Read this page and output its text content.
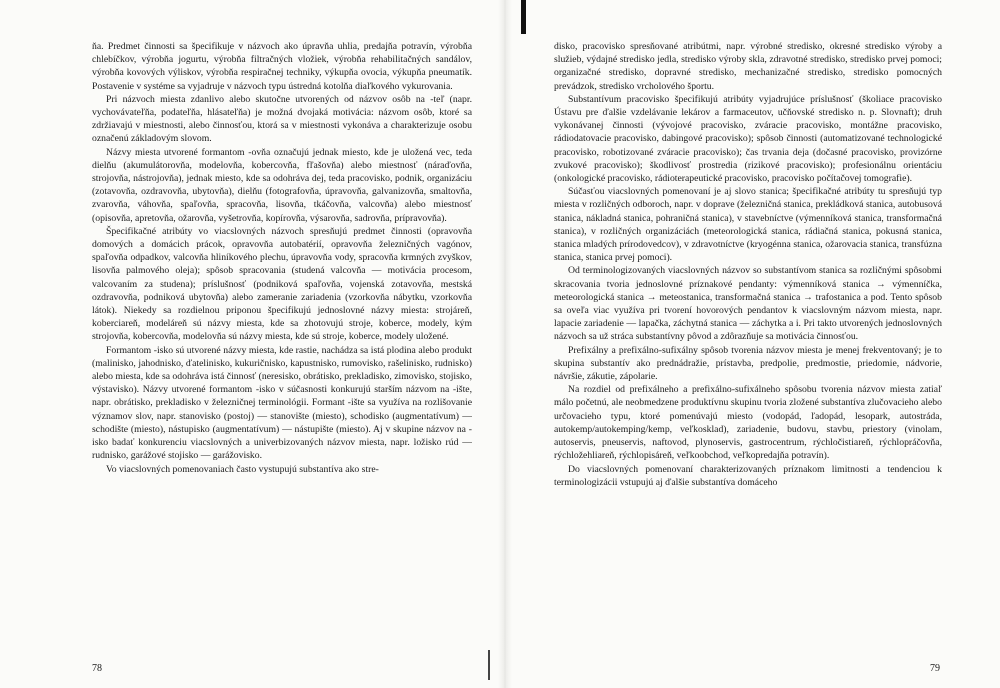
ňa. Predmet činnosti sa špecifikuje v názvoch ako úpravňa uhlia, predajňa potravín, výrobňa chlebíčkov, výrobňa jogurtu, výrobňa filtračných vložiek, výrobňa rehabilitačných sandálov, výrobňa kovových výliskov, výrobňa respiračnej techniky, výkupňa ovocia, výkupňa pneumatík. Postavenie v systéme sa vyjadruje v názvoch typu ústredná kotolňa diaľkového vykurovania.

Pri názvoch miesta zdanlivo alebo skutočne utvorených od názvov osôb na -teľ (napr. vychovávateľňa, podateľňa, hlásateľňa) je možná dvojaká motivácia: názvom osôb, ktoré sa zdržiavajú v miestnosti, alebo činnosťou, ktorá sa v miestnosti vykonáva a charakterizuje osobu označenú základovým slovom.

Názvy miesta utvorené formantom -ovňa označujú jednak miesto, kde je uložená vec, teda dielňu (akumulátorovňa, modelovňa, kobercovňa, fľašovňa) alebo miestnosť (náraďovňa, strojovňa, nástrojovňa), jednak miesto, kde sa odohráva dej, teda pracovisko, podnik, organizáciu (zotavovňa, ozdravovňa, ubytovňa), dielňu (fotografovňa, úpravovňa, galvanizovňa, smaltovňa, zvarovňa, váhovňa, spaľovňa, spracovňa, lisovňa, tkáčovňa, valcovňa) alebo miestnosť (opisovňa, apretovňa, ožarovňa, vyšetrovňa, kopírovňa, výsarovňa, sadrovňa, prípravovňa).

Špecifikačné atribúty vo viacslovných názvoch spresňujú predmet činnosti (opravovňa domových a domácich prácok, opravovňa autobatérií, opravovňa železničných vagónov, spaľovňa odpadkov, valcovňa hliníkového plechu, úpravovňa vody, spracovňa krmných zvyškov, lisovňa palmového oleja); spôsob spracovania (studená valcovňa — motivácia procesom, valcovaním za studena); príslušnosť (podniková spaľovňa, vojenská zotavovňa, mestská ozdravovňa, podniková ubytovňa) alebo zameranie zariadenia (vzorkovňa nábytku, vzorkovňa látok). Niekedy sa rozdielnou priponou špecifikujú jednoslovné názvy miesta: strojáreň, koberciareň, modeláreň sú názvy miesta, kde sa zhotovujú stroje, koberce, modely, kým strojovňa, kobercovňa, modelovňa sú názvy miesta, kde sú stroje, koberce, modely uložené.

Formantom -isko sú utvorené názvy miesta, kde rastie, nachádza sa istá plodina alebo produkt (malinisko, jahodnisko, ďatelinisko, kukuričnisko, kapustnisko, rumovisko, rašelinisko, rudnisko) alebo miesta, kde sa odohráva istá činnosť (neresisko, obrátisko, prekladisko, zimovisko, stojisko, výstavisko). Názvy utvorené formantom -isko v súčasnosti konkurujú starším názvom na -ište, napr. obrátisko, prekladisko v železničnej terminológii. Formant -ište sa využíva na rozlišovanie významov slov, napr. stanovisko (postoj) — stanovište (miesto), schodisko (augmentatívum) — schodište (miesto), nástupisko (augmentatívum) — nástupište (miesto). Aj v skupine názvov na -isko badať konkurenciu viacslovných a univerbizovaných názvov miesta, napr. ložisko rúd — rudnisko, garážové stojisko — garážovisko.

Vo viacslovných pomenovaniach často vystupujú substantíva ako stre-

78

disko, pracovisko spresňované atribútmi, napr. výrobné stredisko, okresné stredisko výroby a služieb, výdajné stredisko jedla, stredisko výroby skla, zdravotné stredisko, stredisko prvej pomoci; organizačné stredisko, dopravné stredisko, mechanizačné stredisko, stredisko pomocných prevádzok, stredisko vrcholového športu.

Substantívum pracovisko špecifikujú atribúty vyjadrujúce príslušnosť (školiace pracovisko Ústavu pre ďalšie vzdelávanie lekárov a farmaceutov, učňovské stredisko n. p. Slovnaft); druh vykonávanej činnosti (vývojové pracovisko, zváracie pracovisko, montážne pracovisko, rádiodatovacie pracovisko, dabingové pracovisko); spôsob činnosti (automatizované technologické pracovisko, robotizované zváracie pracovisko); čas trvania deja (dočasné pracovisko, provizórne zvukové pracovisko); škodlivosť prostredia (rizikové pracovisko); profesionálnu orientáciu (onkologické pracovisko, rádioterapeutické pracovisko, pracovisko počítačovej tomografie).

Súčasťou viacslovných pomenovaní je aj slovo stanica; špecifikačné atribúty tu spresňujú typ miesta v rozličných odboroch, napr. v doprave (železničná stanica, prekládková stanica, autobusová stanica, nákladná stanica, pohraničná stanica), v stavebníctve (výmenníková stanica, transformačná stanica), v rozličných organizáciách (meteorologická stanica, rádiačná stanica, pokusná stanica, stanica mladých prírodovedcov), v zdravotníctve (kryogénna stanica, ožarovacia stanica, transfúzna stanica, stanica prvej pomoci).

Od terminologizovaných viacslovných názvov so substantívom stanica sa rozličnými spôsobmi skracovania tvoria jednoslovné príznakové pendanty: výmenníková stanica → výmenníčka, meteorologická stanica → meteostanica, transformačná stanica → trafostanica a pod. Tento spôsob sa oveľa viac využíva pri tvorení hovorových pendantov k viacslovným názvom miesta, napr. lapacie zariadenie — lapačka, záchytná stanica — záchytka a i. Pri takto utvorených jednoslovných názvoch sa už stráca substantívny pôvod a zdôrazňuje sa motivácia činnosťou.

Prefixálny a prefixálno-sufixálny spôsob tvorenia názvov miesta je menej frekventovaný; je to skupina substantív ako prednádražie, prístavba, predpolie, predmostie, priedomie, nádvorie, návršie, zákutie, zápolarie.

Na rozdiel od prefixálneho a prefixálno-sufixálneho spôsobu tvorenia názvov miesta zatiaľ málo početnú, ale neobmedzene produktívnu skupinu tvoria zložené substantíva zlučovacieho alebo určovacieho typu, ktoré pomenúvajú miesto (vodopád, ľadopád, lesopark, autostráda, autokemp/autokemping/kemp, veľkosklad), zariadenie, budovu, stavbu, priestory (vinolam, autoservis, pneuservis, naftovod, plynoservis, gastrocentrum, rýchločistiareň, rýchlopráčovňa, rýchložehliareň, rýchlopisáreň, veľkoobchod, veľkopredajňa potravín).

Do viacslovných pomenovaní charakterizovaných príznakom limitnosti a tendenciou k terminologizácii vstupujú aj ďalšie substantíva domáceho

79
